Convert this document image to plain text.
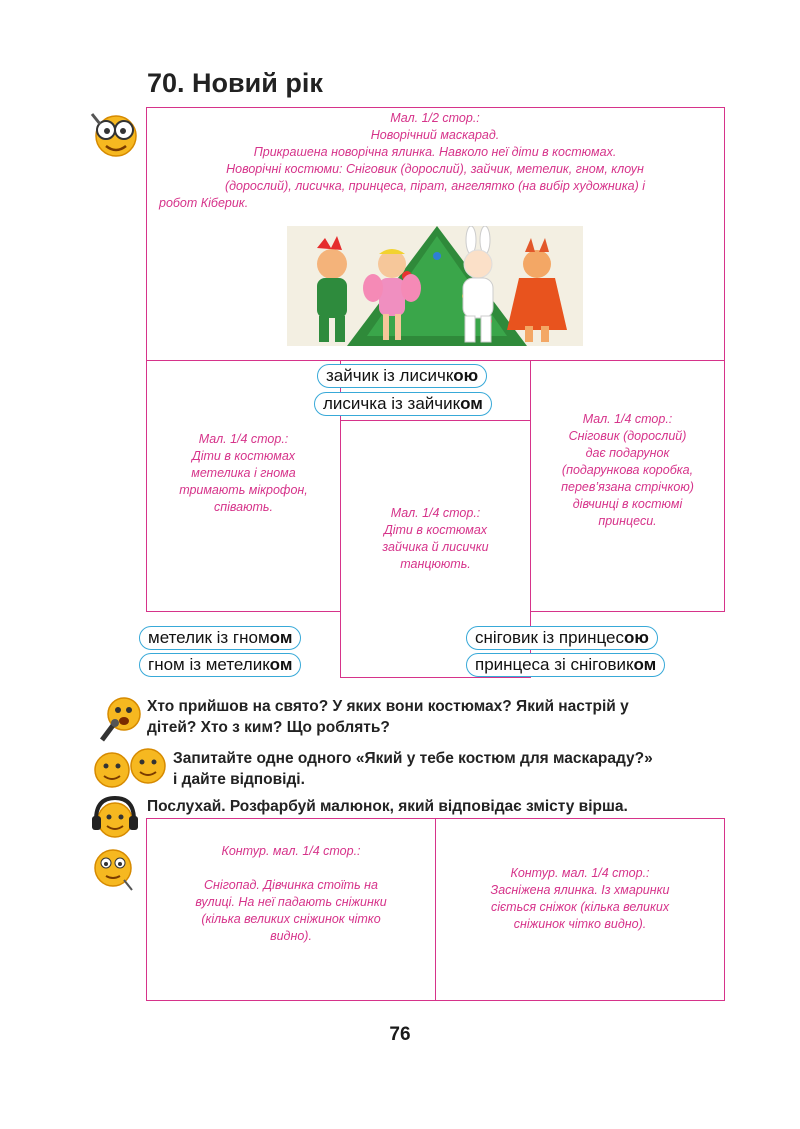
70. Новий рік
Мал. 1/2 стор.:
Новорічний маскарад.
Прикрашена новорічна ялинка. Навколо неї діти в костюмах.
Новорічні костюми: Сніговик (дорослий), зайчик, метелик, гном, клоун
(дорослий), лисичка, принцеса, пірат, ангелятко (на вибір художника) і
робот Кіберик.
Мал. 1/4 стор.:
Діти в костюмах
метелика і гнома
тримають мікрофон,
співають.	Мал. 1/4 стор.:
Діти в костюмах
зайчика й лисички
танцюють.
Мал. 1/4 стор.:
Сніговик (дорослий)
дає подарунок
(подарункова коробка,
перев’язана стрічкою)
дівчинці в костюмі
принцеси.
зайчик із лисичкою
лисичка із зайчиком
метелик із гномом
гном із метеликом
сніговик із принцесою
принцеса зі сніговиком
Хто прийшов на свято? У яких вони костюмах? Який настрій у
дітей? Хто з ким? Що роблять?
Запитайте одне одного «Який у тебе костюм для маскараду?»
і дайте відповіді.
Послухай. Розфарбуй малюнок, який відповідає змісту вірша.
Контур. мал. 1/4 стор.:
Снігопад. Дівчинка стоїть на
вулиці. На неї падають сніжинки
(кілька великих сніжинок чітко
видно).
Контур. мал. 1/4 стор.:
Засніжена ялинка. Із хмаринки
сіється сніжок (кілька великих
сніжинок чітко видно).
76
